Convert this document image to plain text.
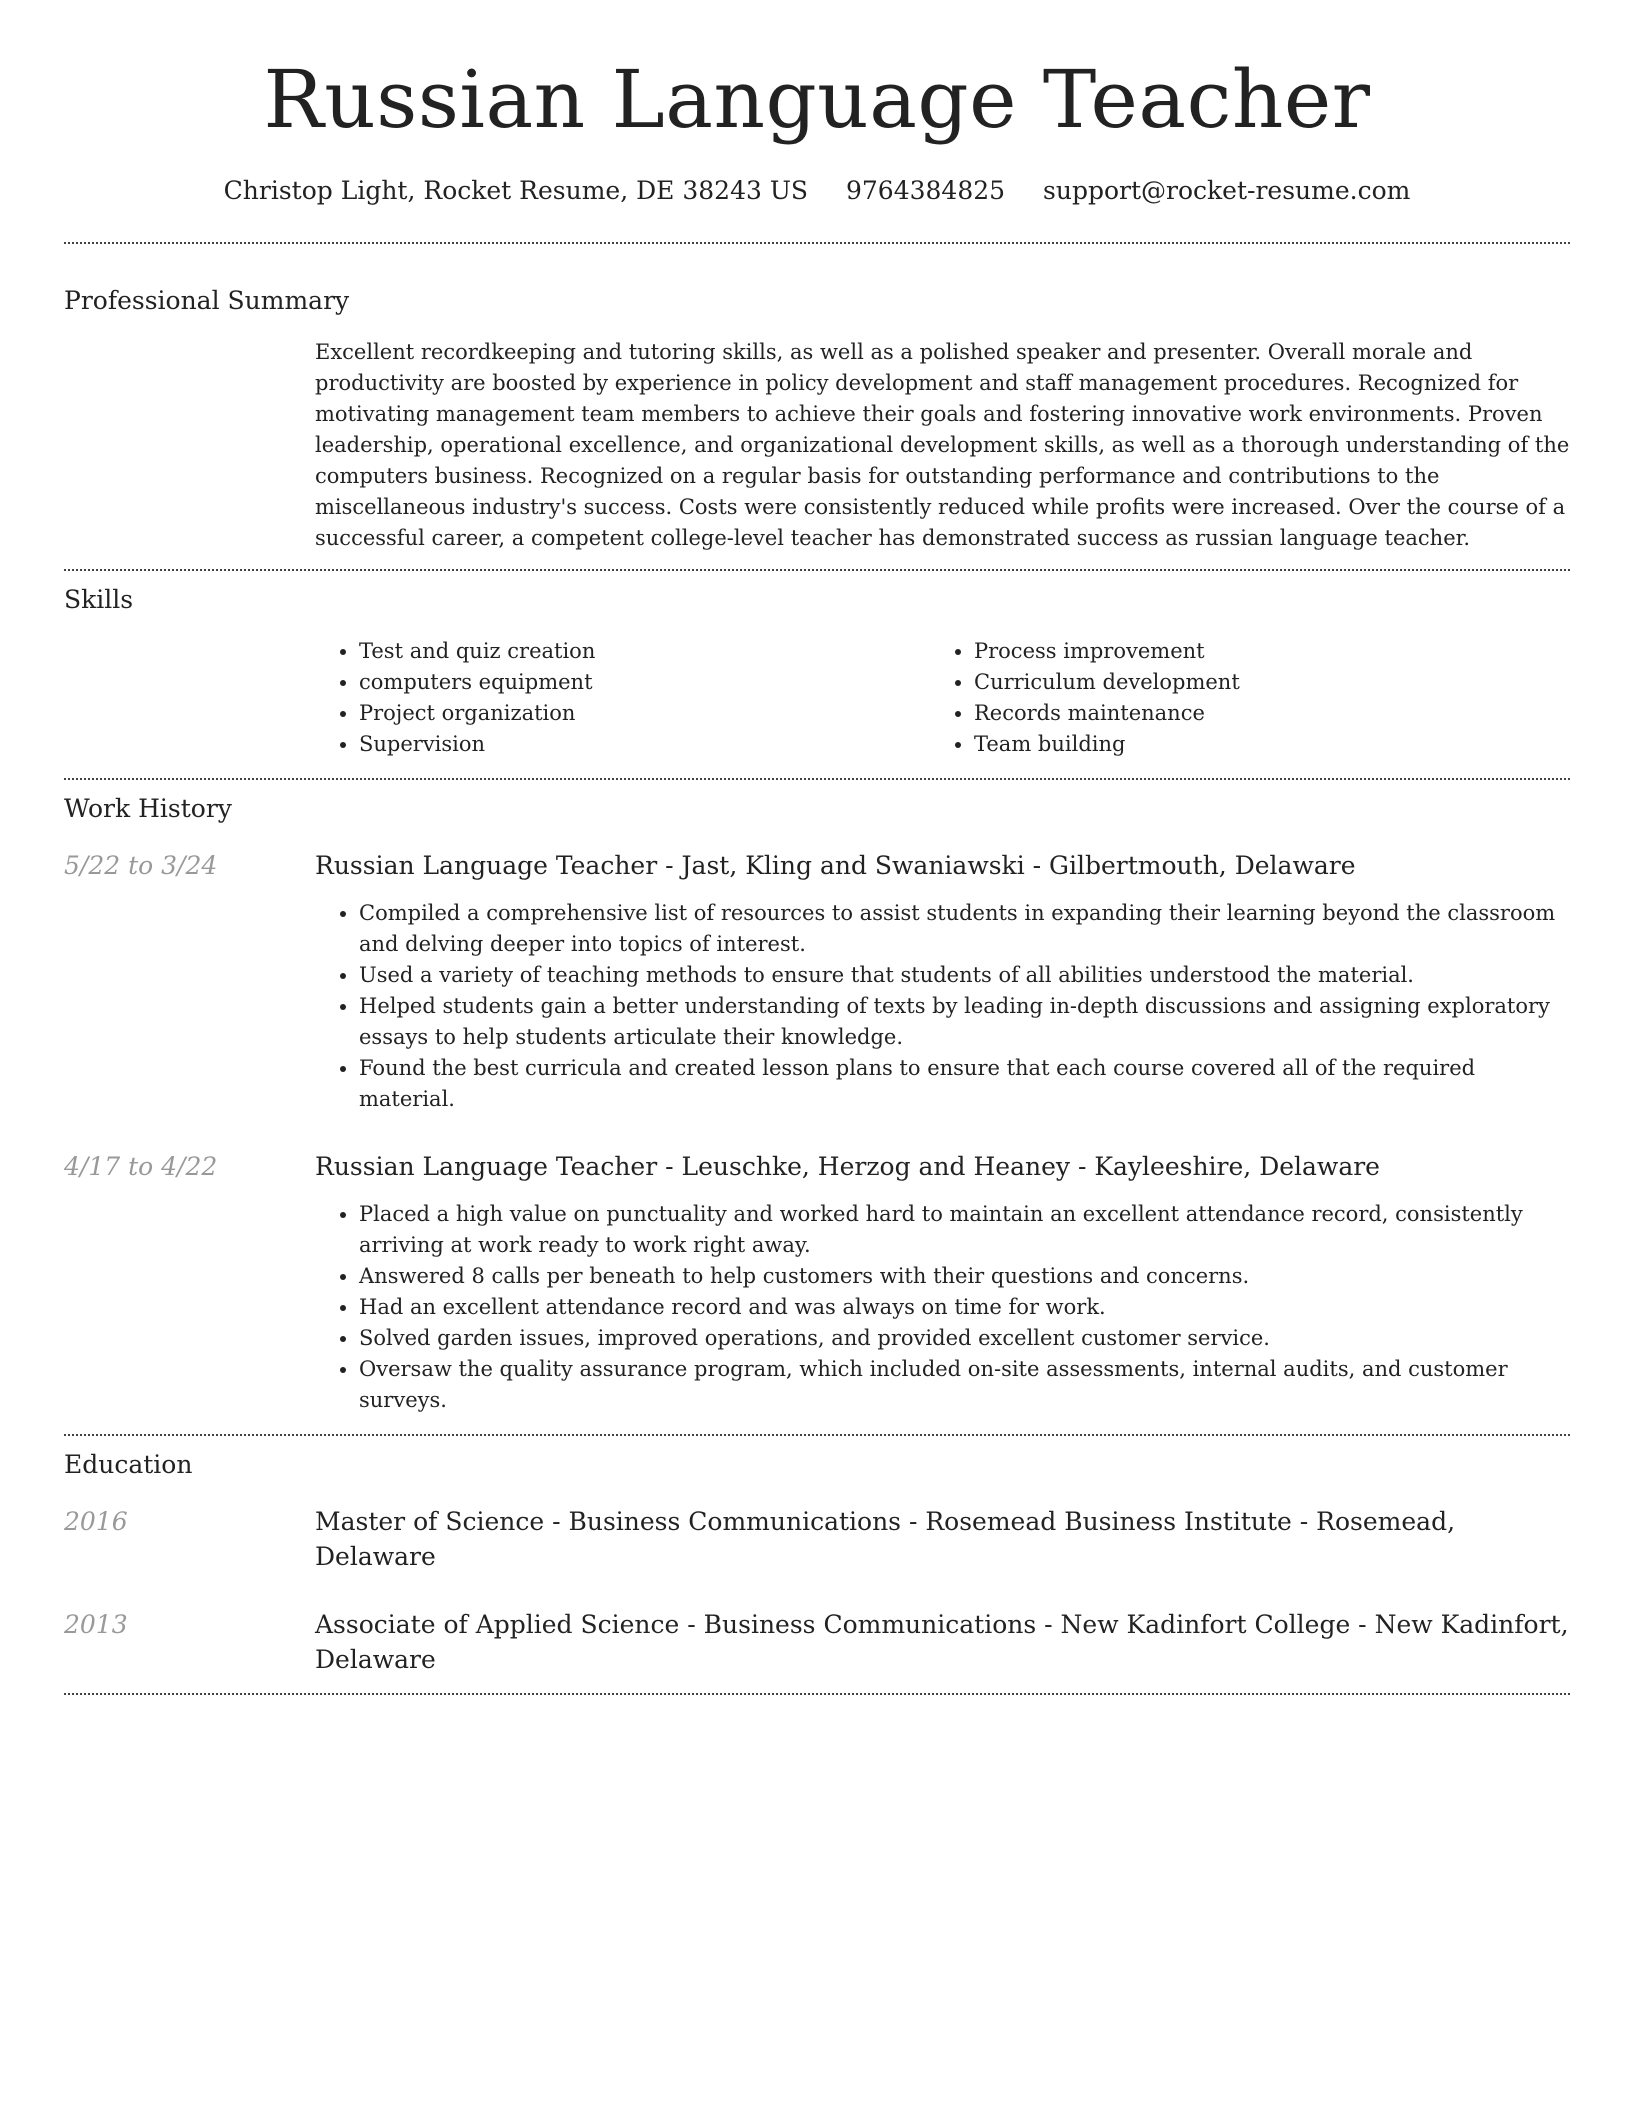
Russian Language Teacher
Christop Light, Rocket Resume, DE 38243 US 9764384825 support@rocket-resume.com
Professional Summary

Excellent recordkeeping and tutoring skills, as well as a polished speaker and presenter. Overall morale and productivity are boosted by experience in policy development and staff management procedures. Recognized for motivating management team members to achieve their goals and fostering innovative work environments. Proven leadership, operational excellence, and organizational development skills, as well as a thorough understanding of the computers business. Recognized on a regular basis for outstanding performance and contributions to the miscellaneous industry's success. Costs were consistently reduced while profits were increased. Over the course of a successful career, a competent college-level teacher has demonstrated success as russian language teacher.

Skills
• Test and quiz creation
• computers equipment
• Project organization
• Supervision
• Process improvement
• Curriculum development
• Records maintenance
• Team building
Work History
5/22 to 3/24	Russian Language Teacher - Jast, Kling and Swaniawski - Gilbertmouth, Delaware
• Compiled a comprehensive list of resources to assist students in expanding their learning beyond the classroom and delving deeper into topics of interest.
• Used a variety of teaching methods to ensure that students of all abilities understood the material.
• Helped students gain a better understanding of texts by leading in-depth discussions and assigning exploratory essays to help students articulate their knowledge.
• Found the best curricula and created lesson plans to ensure that each course covered all of the required material.
4/17 to 4/22	Russian Language Teacher - Leuschke, Herzog and Heaney - Kayleeshire, Delaware
• Placed a high value on punctuality and worked hard to maintain an excellent attendance record, consistently arriving at work ready to work right away.
• Answered 8 calls per beneath to help customers with their questions and concerns.
• Had an excellent attendance record and was always on time for work.
• Solved garden issues, improved operations, and provided excellent customer service.
• Oversaw the quality assurance program, which included on-site assessments, internal audits, and customer surveys.
Education
2016	Master of Science - Business Communications - Rosemead Business Institute - Rosemead, Delaware
2013	Associate of Applied Science - Business Communications - New Kadinfort College - New Kadinfort, Delaware
